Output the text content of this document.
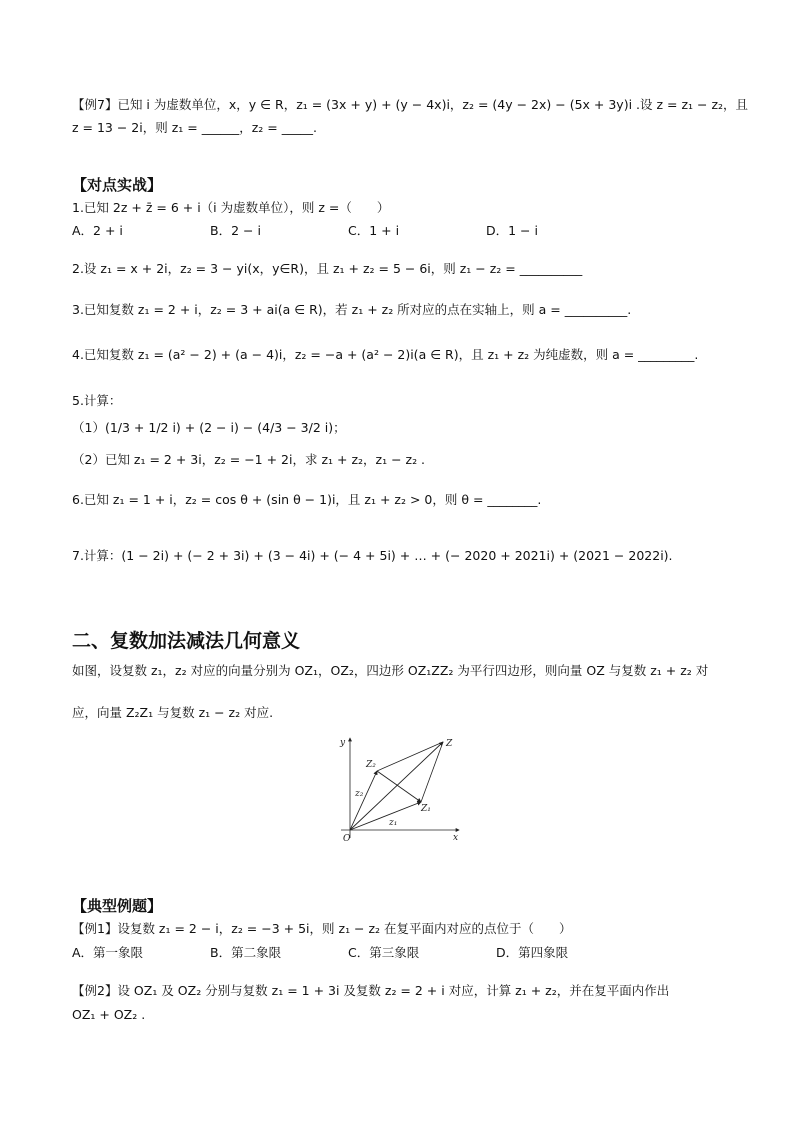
【例7】已知 i 为虚数单位，x，y ∈ R，z₁ = (3x + y) + (y − 4x)i，z₂ = (4y − 2x) − (5x + 3y)i .设 z = z₁ − z₂，且
z = 13 − 2i，则 z₁ = ______，z₂ = _____.
【对点实战】
1.已知 2z + z̄ = 6 + i（i 为虚数单位），则 z =（　　）
A．2 + i	B．2 − i	C．1 + i	D．1 − i
2.设 z₁ = x + 2i，z₂ = 3 − yi(x，y∈R)，且 z₁ + z₂ = 5 − 6i，则 z₁ − z₂ = __________
3.已知复数 z₁ = 2 + i，z₂ = 3 + ai(a ∈ R)，若 z₁ + z₂ 所对应的点在实轴上，则 a = __________.
4.已知复数 z₁ = (a² − 2) + (a − 4)i，z₂ = −a + (a² − 2)i(a ∈ R)，且 z₁ + z₂ 为纯虚数，则 a = _________.
5.计算：
（1）(1/3 + 1/2 i) + (2 − i) − (4/3 − 3/2 i)；
（2）已知 z₁ = 2 + 3i，z₂ = −1 + 2i，求 z₁ + z₂，z₁ − z₂ .
6.已知 z₁ = 1 + i，z₂ = cos θ + (sin θ − 1)i，且 z₁ + z₂ > 0，则 θ = ________.
7.计算：(1 − 2i) + (− 2 + 3i) + (3 − 4i) + (− 4 + 5i) + … + (− 2020 + 2021i) + (2021 − 2022i).
二、复数加法减法几何意义
如图，设复数 z₁，z₂ 对应的向量分别为 OZ₁，OZ₂，四边形 OZ₁ZZ₂ 为平行四边形，则向量 OZ 与复数 z₁ + z₂ 对
应，向量 Z₂Z₁ 与复数 z₁ − z₂ 对应.
y
x
O
Z
Z₁
Z₂
z₁
z₂
【典型例题】
【例1】设复数 z₁ = 2 − i，z₂ = −3 + 5i，则 z₁ − z₂ 在复平面内对应的点位于（　　）
A．第一象限	B．第二象限	C．第三象限	D．第四象限
【例2】设 OZ₁ 及 OZ₂ 分别与复数 z₁ = 1 + 3i 及复数 z₂ = 2 + i 对应，计算 z₁ + z₂，并在复平面内作出
OZ₁ + OZ₂ .
